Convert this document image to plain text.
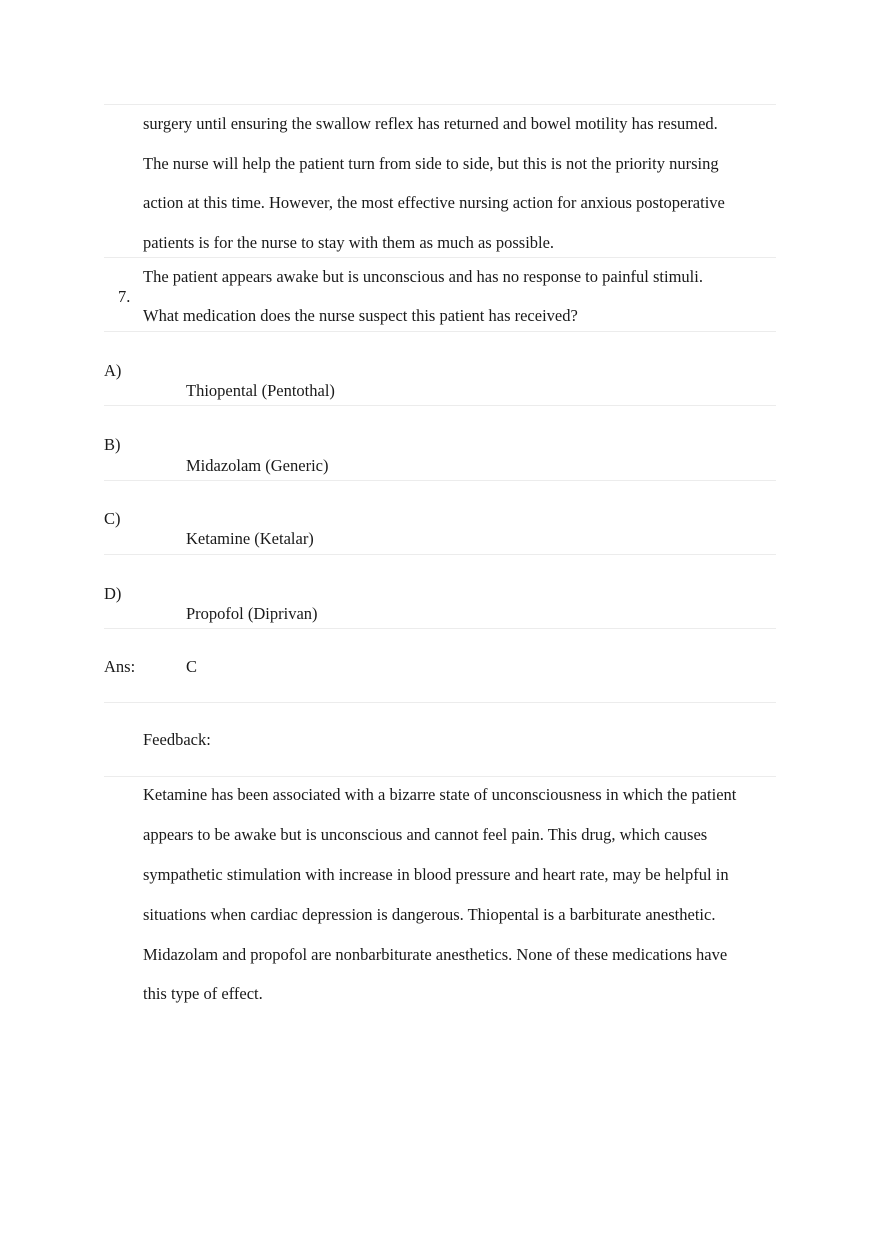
surgery until ensuring the swallow reflex has returned and bowel motility has resumed.
The nurse will help the patient turn from side to side, but this is not the priority nursing
action at this time. However, the most effective nursing action for anxious postoperative
patients is for the nurse to stay with them as much as possible.
7.
The patient appears awake but is unconscious and has no response to painful stimuli.
What medication does the nurse suspect this patient has received?
A)
Thiopental (Pentothal)
B)
Midazolam (Generic)
C)
Ketamine (Ketalar)
D)
Propofol (Diprivan)
Ans:	C
Feedback:
Ketamine has been associated with a bizarre state of unconsciousness in which the patient
appears to be awake but is unconscious and cannot feel pain. This drug, which causes
sympathetic stimulation with increase in blood pressure and heart rate, may be helpful in
situations when cardiac depression is dangerous. Thiopental is a barbiturate anesthetic.
Midazolam and propofol are nonbarbiturate anesthetics. None of these medications have
this type of effect.
